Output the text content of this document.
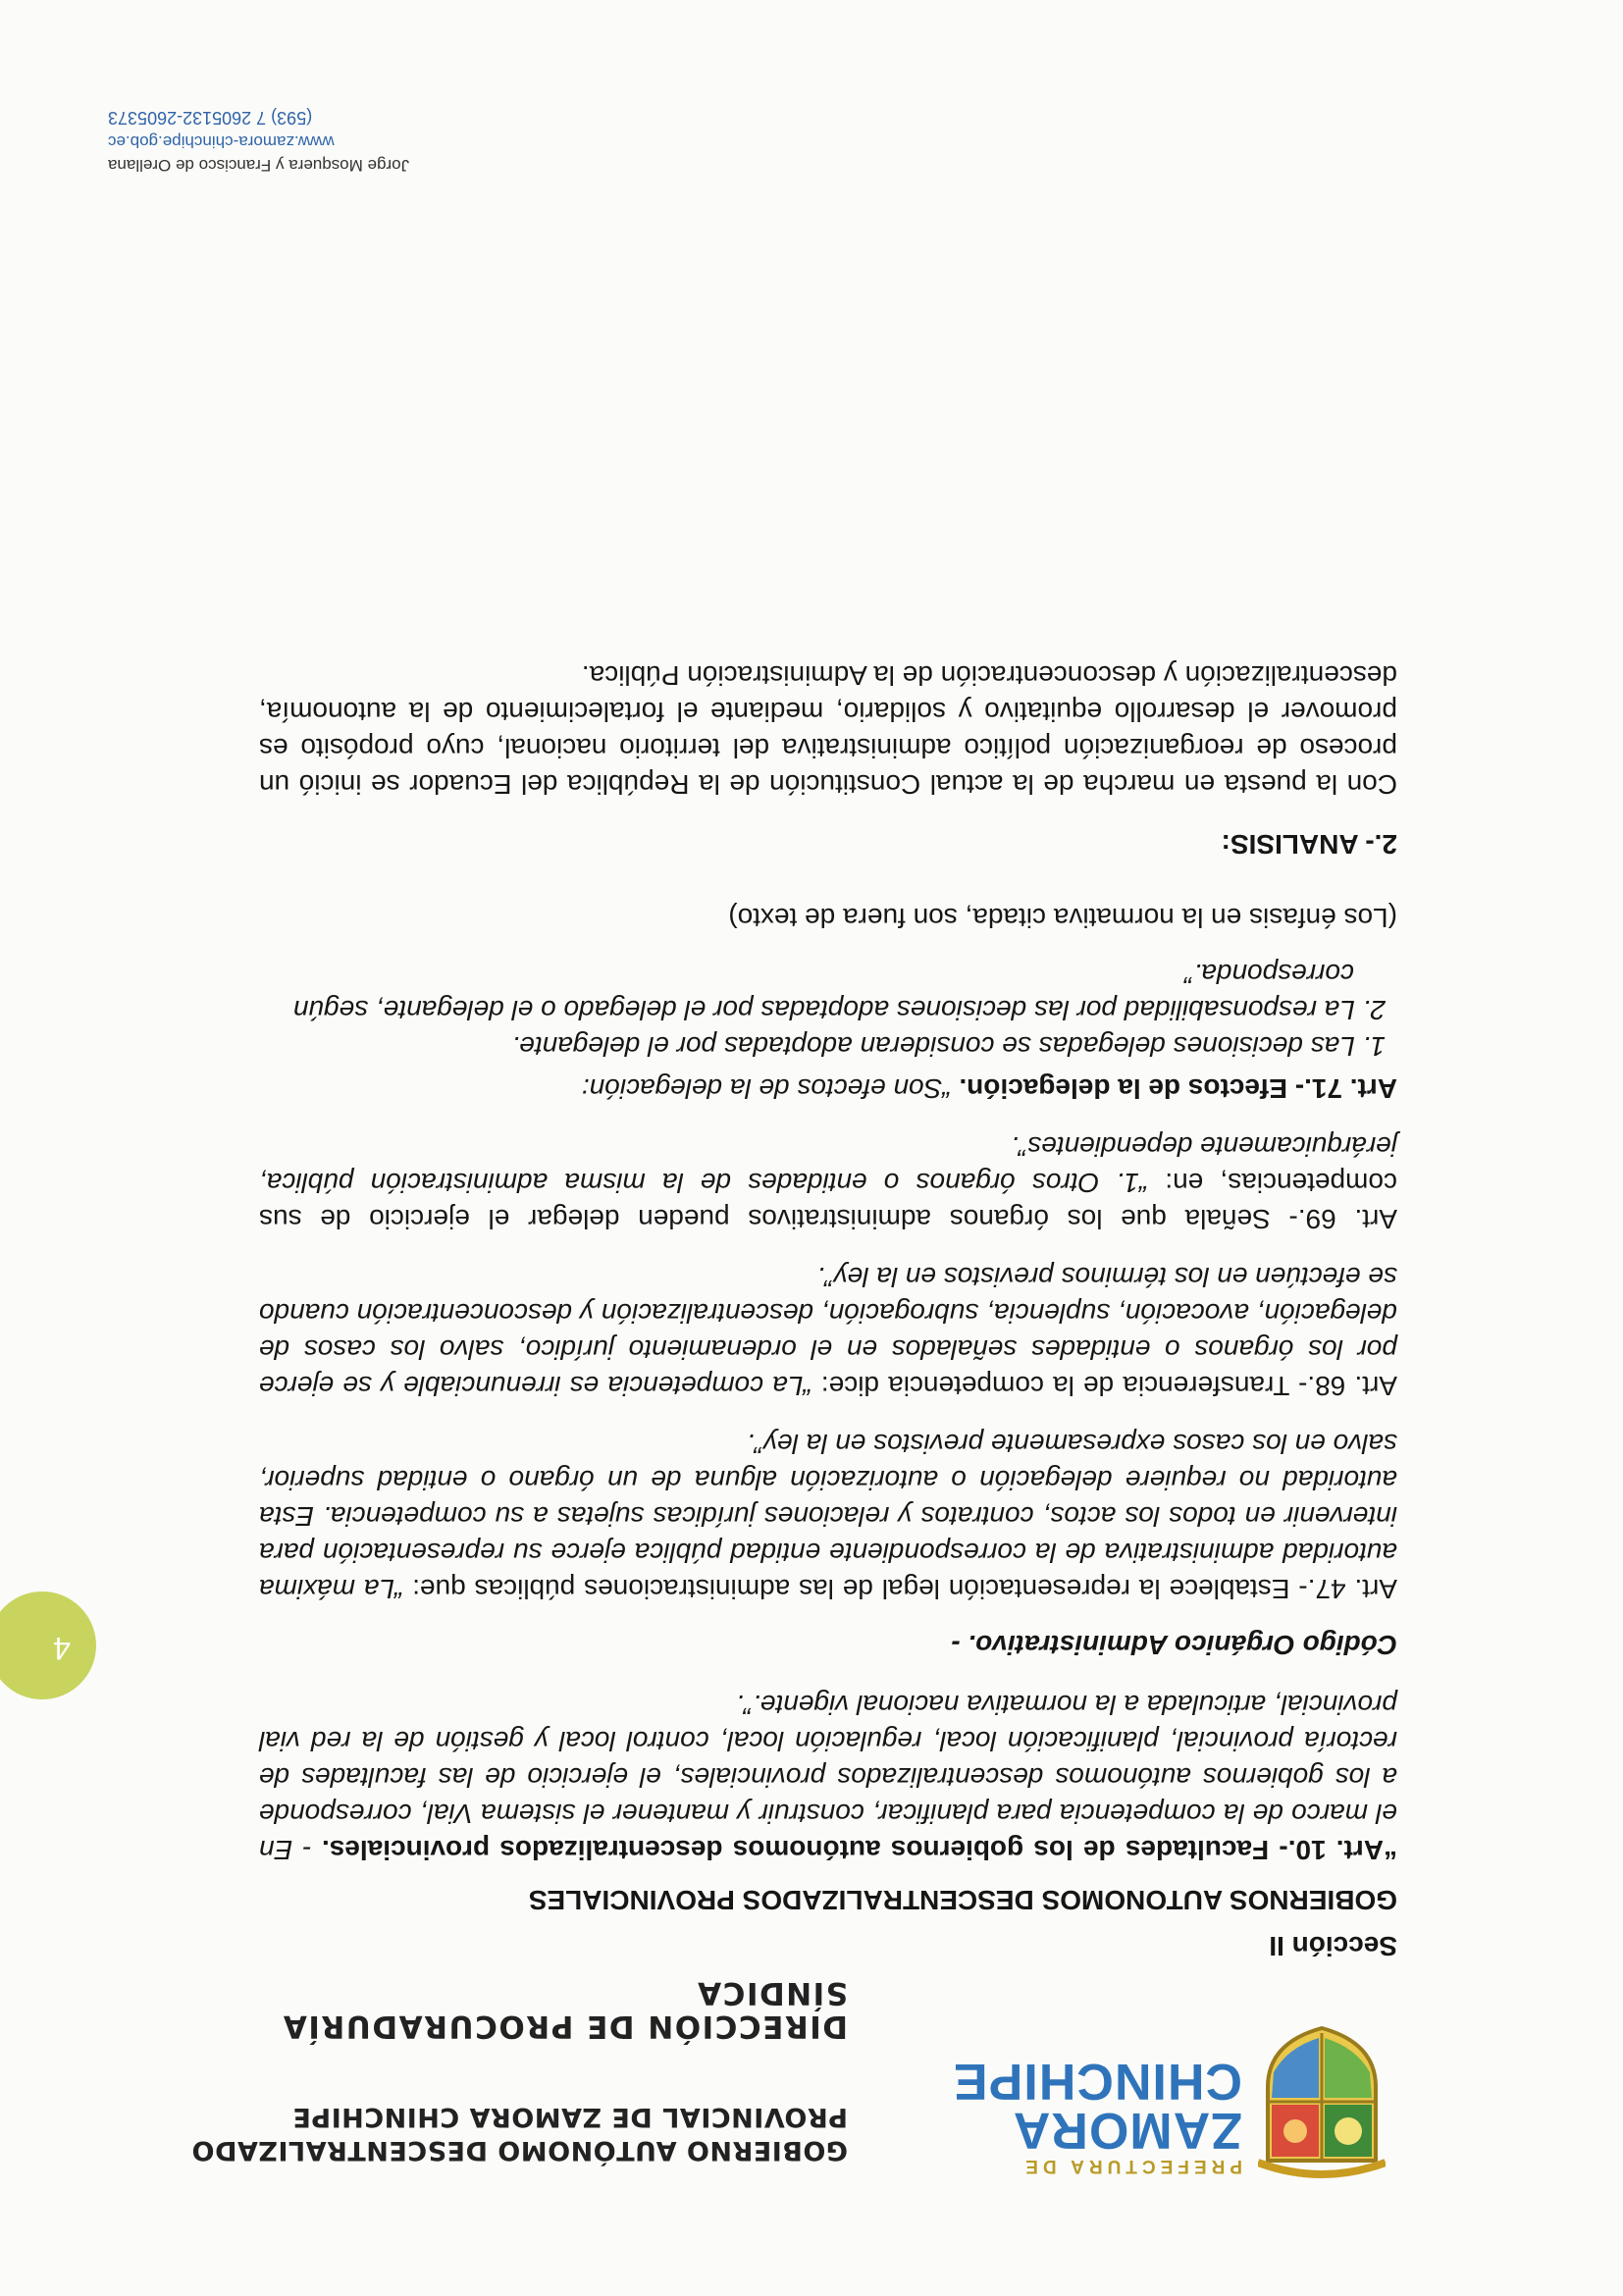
PREFECTURA DE
ZAMORA
CHINCHIPE
GOBIERNO AUTÓNOMO DESCENTRALIZADO
PROVINCIAL DE ZAMORA CHINCHIPE
DIRECCIÓN DE PROCURADURÍA SÍNDICA
Sección II
GOBIERNOS AUTONOMOS DESCENTRALIZADOS PROVINCIALES

“Art. 10.- Facultades de los gobiernos autónomos descentralizados provinciales. - En el marco de la competencia para planificar, construir y mantener el sistema Vial, corresponde a los gobiernos autónomos descentralizados provinciales, el ejercicio de las facultades de rectoría provincial, planificación local, regulación local, control local y gestión de la red vial provincial, articulada a la normativa nacional vigente.”.

Código Orgánico Administrativo. -

Art. 47.- Establece la representación legal de las administraciones públicas que: “La máxima autoridad administrativa de la correspondiente entidad pública ejerce su representación para intervenir en todos los actos, contratos y relaciones jurídicas sujetas a su competencia. Esta autoridad no requiere delegación o autorización alguna de un órgano o entidad superior, salvo en los casos expresamente previstos en la ley”.

Art. 68.- Transferencia de la competencia dice: “La competencia es irrenunciable y se ejerce por los órganos o entidades señalados en el ordenamiento jurídico, salvo los casos de delegación, avocación, suplencia, subrogación, descentralización y desconcentración cuando se efectúen en los términos previstos en la ley”.

Art. 69.- Señala que los órganos administrativos pueden delegar el ejercicio de sus competencias, en: “1. Otros órganos o entidades de la misma administración pública, jerárquicamente dependientes”.

Art. 71.- Efectos de la delegación. “Son efectos de la delegación:

1. Las decisiones delegadas se consideran adoptadas por el delegante.
2. La responsabilidad por las decisiones adoptadas por el delegado o el delegante, según corresponda.”
(Los énfasis en la normativa citada, son fuera de texto)
2.- ANALISIS:

Con la puesta en marcha de la actual Constitución de la República del Ecuador se inició un proceso de reorganización político administrativa del territorio nacional, cuyo propósito es promover el desarrollo equitativo y solidario, mediante el fortalecimiento de la autonomía, descentralización y desconcentración de la Administración Pública.

4
Jorge Mosquera y Francisco de Orellana
www.zamora-chinchipe.gob.ec
(593) 7 2605132-2605373
